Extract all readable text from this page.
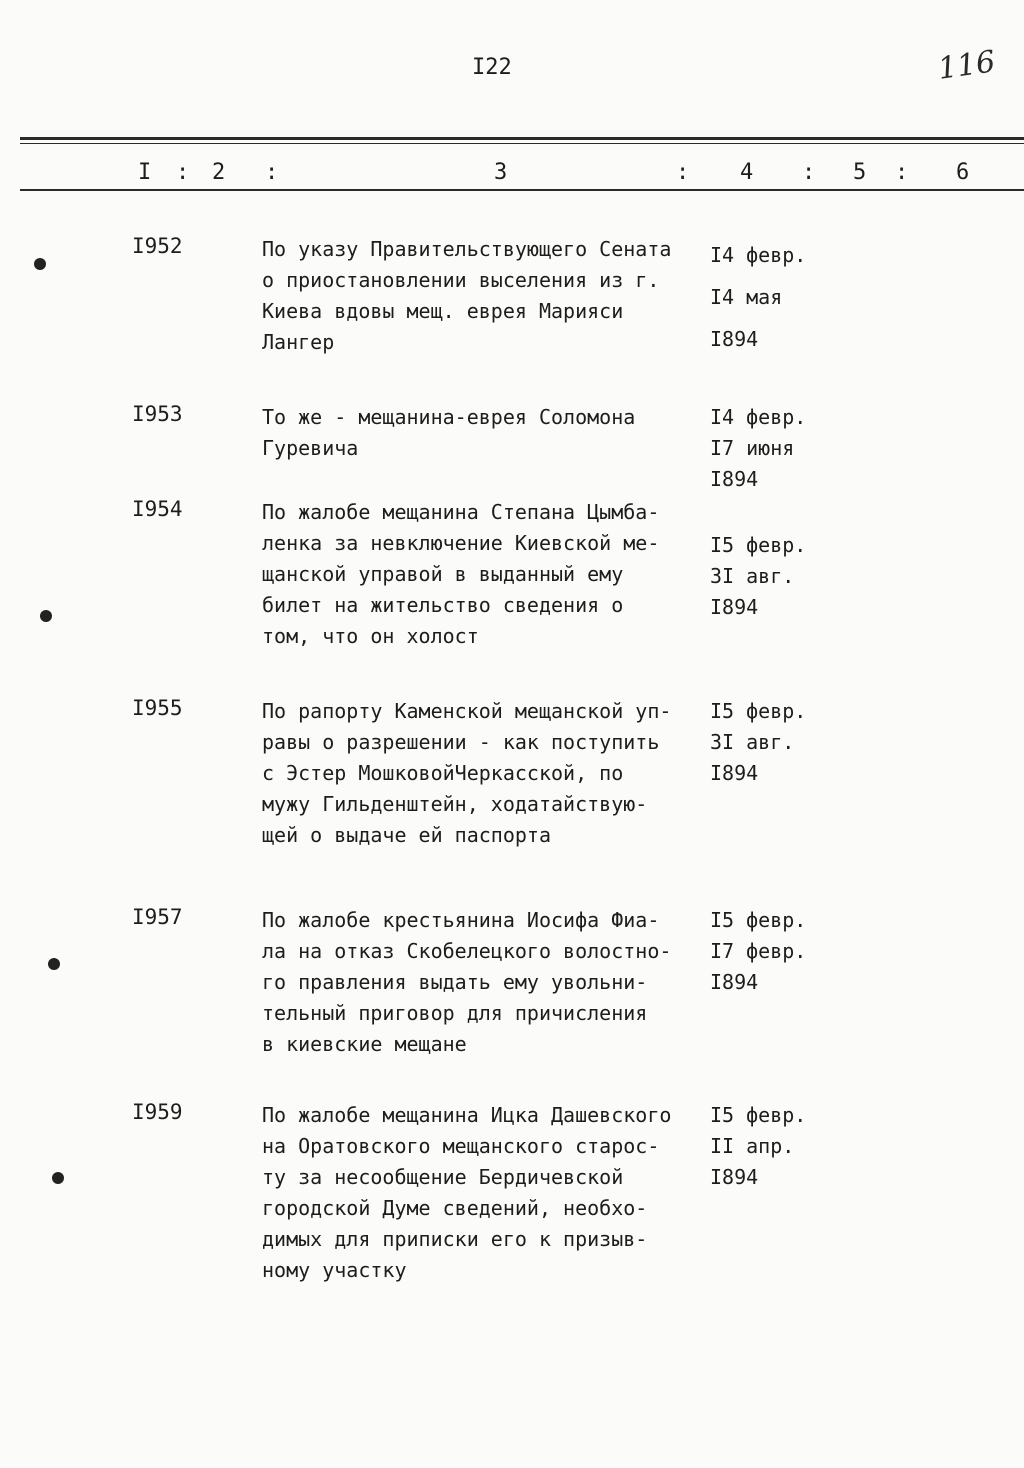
I22	116
I : 2 :	3	: 4 : 5 : 6
I952	По указу Правительствующего Сената
о приостановлении выселения из г.
Киева вдовы мещ. еврея Марияси
Лангер
I4 февр.
I4 мая
I894
I953	То же - мещанина-еврея Соломона
Гуревича
I4 февр.
I7 июня
I894
I954	По жалобе мещанина Степана Цымба-
ленка за невключение Киевской ме-
щанской управой в выданный ему
билет на жительство сведения о
том, что он холост
I5 февр.
3I авг.
I894
I955	По рапорту Каменской мещанской уп-
равы о разрешении - как поступить
с Эстер МошковойЧеркасской, по
мужу Гильденштейн, ходатайствую-
щей о выдаче ей паспорта
I5 февр.
3I авг.
I894
I957	По жалобе крестьянина Иосифа Фиа-
ла на отказ Скобелецкого волостно-
го правления выдать ему увольни-
тельный приговор для причисления
в киевские мещане
I5 февр.
I7 февр.
I894
I959	По жалобе мещанина Ицка Дашевского
на Оратовского мещанского старос-
ту за несообщение Бердичевской
городской Думе сведений, необхо-
димых для приписки его к призыв-
ному участку
I5 февр.
II апр.
I894
